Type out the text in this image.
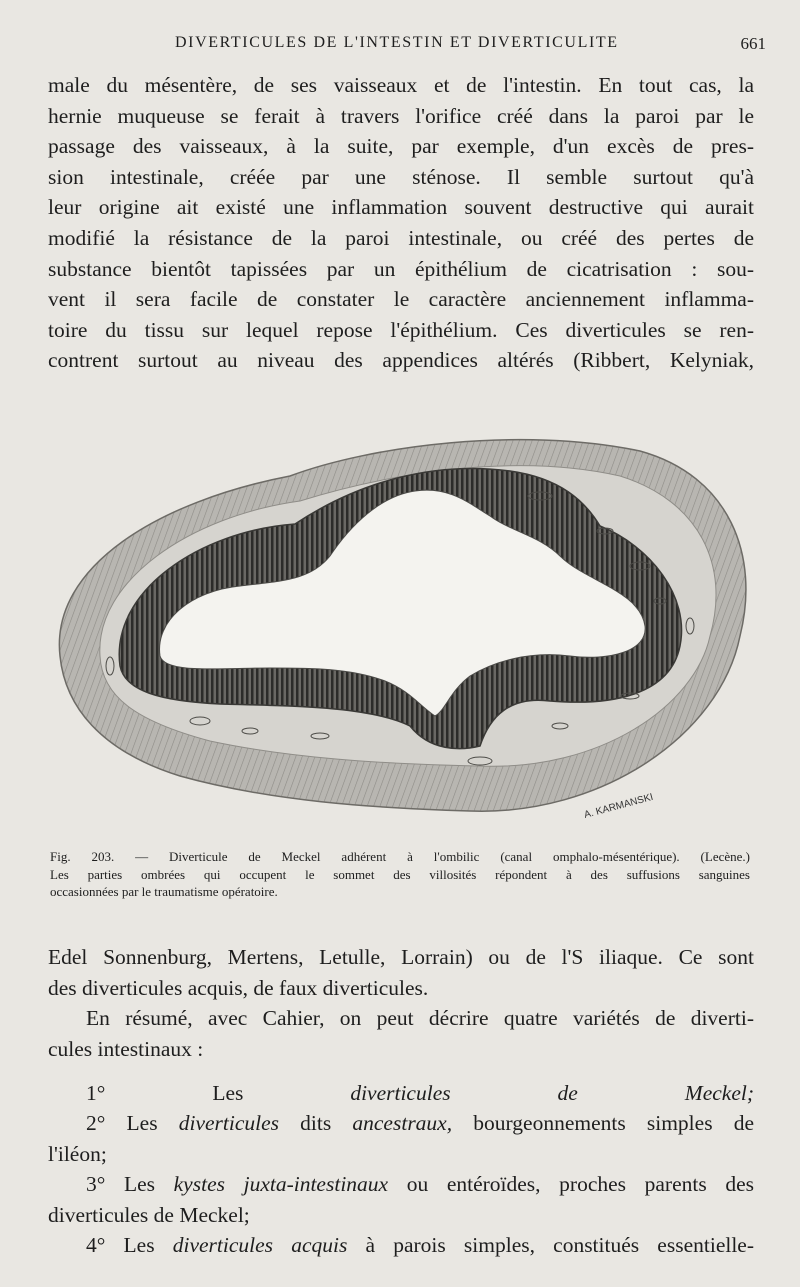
DIVERTICULES DE L'INTESTIN ET DIVERTICULITE	661
male du mésentère, de ses vaisseaux et de l'intestin. En tout cas, la
hernie muqueuse se ferait à travers l'orifice créé dans la paroi par le
passage des vaisseaux, à la suite, par exemple, d'un excès de pres-
sion intestinale, créée par une sténose. Il semble surtout qu'à
leur origine ait existé une inflammation souvent destructive qui aurait
modifié la résistance de la paroi intestinale, ou créé des pertes de
substance bientôt tapissées par un épithélium de cicatrisation : sou-
vent il sera facile de constater le caractère anciennement inflamma-
toire du tissu sur lequel repose l'épithélium. Ces diverticules se ren-
contrent surtout au niveau des appendices altérés (Ribbert, Kelyniak,
A. KARMANSKI
Fig. 203. — Diverticule de Meckel adhérent à l'ombilic (canal omphalo-mésentérique). (Lecène.)
Les parties ombrées qui occupent le sommet des villosités répondent à des suffusions sanguines
occasionnées par le traumatisme opératoire.
Edel Sonnenburg, Mertens, Letulle, Lorrain) ou de l'S iliaque. Ce sont
des diverticules acquis, de faux diverticules.
En résumé, avec Cahier, on peut décrire quatre variétés de diverti-
cules intestinaux :
1°	Les diverticules de Meckel;
2° Les diverticules dits ancestraux, bourgeonnements simples de
l'iléon;
3° Les kystes juxta-intestinaux ou entéroïdes, proches parents des
diverticules de Meckel;
4° Les diverticules acquis à parois simples, constitués essentielle-
